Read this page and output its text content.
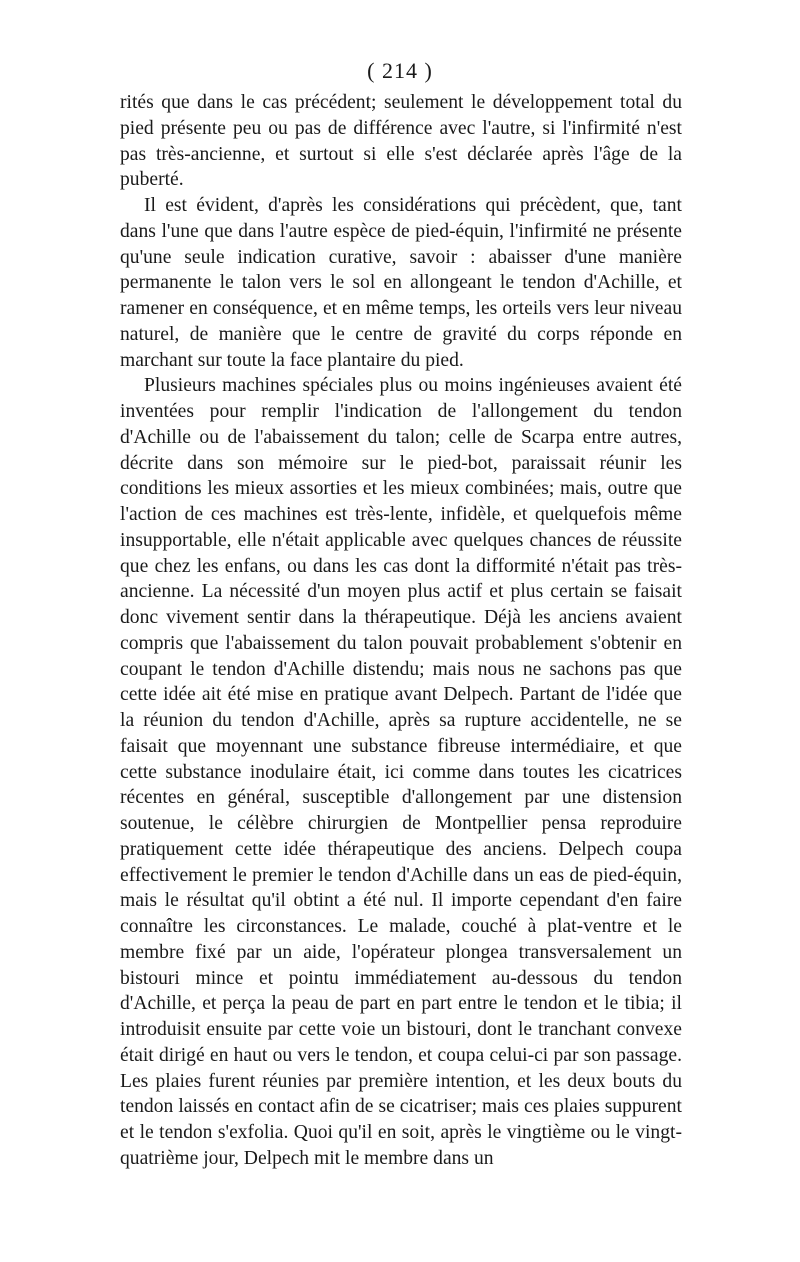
( 214 )

rités que dans le cas précédent; seulement le développement total du pied présente peu ou pas de différence avec l'autre, si l'infirmité n'est pas très-ancienne, et surtout si elle s'est déclarée après l'âge de la puberté.

Il est évident, d'après les considérations qui précèdent, que, tant dans l'une que dans l'autre espèce de pied-équin, l'infirmité ne présente qu'une seule indication curative, savoir : abaisser d'une manière permanente le talon vers le sol en allongeant le tendon d'Achille, et ramener en conséquence, et en même temps, les orteils vers leur niveau naturel, de manière que le centre de gravité du corps réponde en marchant sur toute la face plantaire du pied.

Plusieurs machines spéciales plus ou moins ingénieuses avaient été inventées pour remplir l'indication de l'allongement du tendon d'Achille ou de l'abaissement du talon; celle de Scarpa entre autres, décrite dans son mémoire sur le pied-bot, paraissait réunir les conditions les mieux assorties et les mieux combinées; mais, outre que l'action de ces machines est très-lente, infidèle, et quelquefois même insupportable, elle n'était applicable avec quelques chances de réussite que chez les enfans, ou dans les cas dont la difformité n'était pas très-ancienne. La nécessité d'un moyen plus actif et plus certain se faisait donc vivement sentir dans la thérapeutique. Déjà les anciens avaient compris que l'abaissement du talon pouvait probablement s'obtenir en coupant le tendon d'Achille distendu; mais nous ne sachons pas que cette idée ait été mise en pratique avant Delpech. Partant de l'idée que la réunion du tendon d'Achille, après sa rupture accidentelle, ne se faisait que moyennant une substance fibreuse intermédiaire, et que cette substance inodulaire était, ici comme dans toutes les cicatrices récentes en général, susceptible d'allongement par une distension soutenue, le célèbre chirurgien de Montpellier pensa reproduire pratiquement cette idée thérapeutique des anciens. Delpech coupa effectivement le premier le tendon d'Achille dans un eas de pied-équin, mais le résultat qu'il obtint a été nul. Il importe cependant d'en faire connaître les circonstances. Le malade, couché à plat-ventre et le membre fixé par un aide, l'opérateur plongea transversalement un bistouri mince et pointu immédiatement au-dessous du tendon d'Achille, et perça la peau de part en part entre le tendon et le tibia; il introduisit ensuite par cette voie un bistouri, dont le tranchant convexe était dirigé en haut ou vers le tendon, et coupa celui-ci par son passage. Les plaies furent réunies par première intention, et les deux bouts du tendon laissés en contact afin de se cicatriser; mais ces plaies suppurent et le tendon s'exfolia. Quoi qu'il en soit, après le vingtième ou le vingt-quatrième jour, Delpech mit le membre dans un
